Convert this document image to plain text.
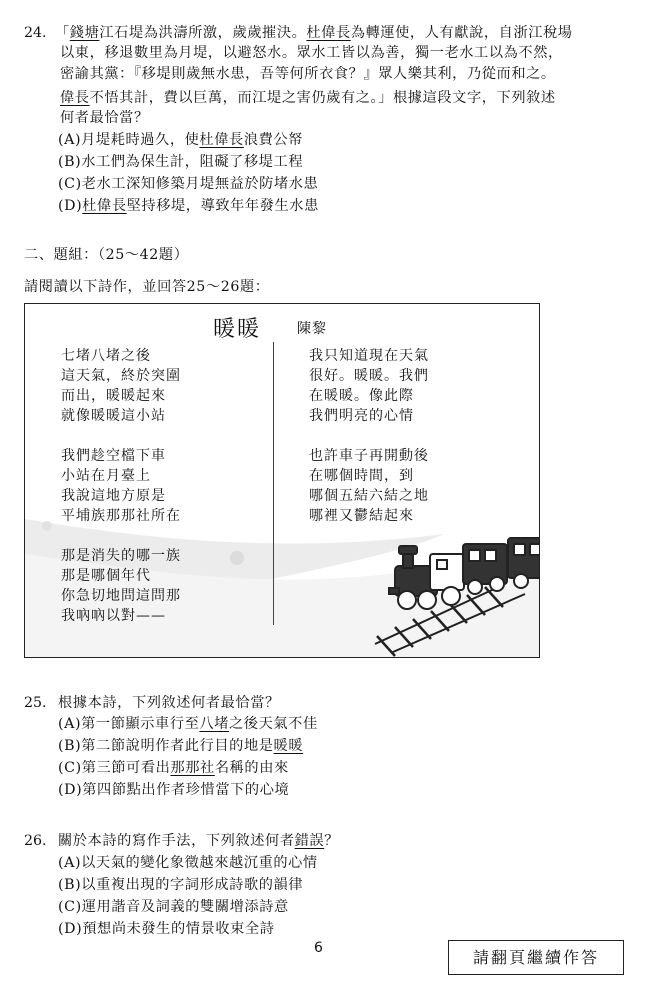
24. 「錢塘江石堤為洪濤所激，歲歲摧決。杜偉長為轉運使，人有獻說，自浙江稅場
以東，移退數里為月堤，以避怒水。眾水工皆以為善，獨一老水工以為不然，
密諭其黨：『移堤則歲無水患，吾等何所衣食？』眾人樂其利，乃從而和之。
偉長不悟其計，費以巨萬，而江堤之害仍歲有之。」根據這段文字，下列敘述
何者最恰當？
(A)月堤耗時過久，使杜偉長浪費公帑
(B)水工們為保生計，阻礙了移堤工程
(C)老水工深知修築月堤無益於防堵水患
(D)杜偉長堅持移堤，導致年年發生水患
二、題組：（25～42題）
請閱讀以下詩作，並回答25～26題：
暖暖	陳黎
七堵八堵之後
這天氣，終於突圍
而出，暖暖起來
就像暖暖這小站
我們趁空檔下車
小站在月臺上
我說這地方原是
平埔族那那社所在
那是消失的哪一族
那是哪個年代
你急切地問這問那
我吶吶以對——
我只知道現在天氣
很好。暖暖。我們
在暖暖。像此際
我們明亮的心情
也許車子再開動後
在哪個時間，到
哪個五結六結之地
哪裡又鬱結起來
25. 根據本詩，下列敘述何者最恰當？
(A)第一節顯示車行至八堵之後天氣不佳
(B)第二節說明作者此行目的地是暖暖
(C)第三節可看出那那社名稱的由來
(D)第四節點出作者珍惜當下的心境
26. 關於本詩的寫作手法，下列敘述何者錯誤？
(A)以天氣的變化象徵越來越沉重的心情
(B)以重複出現的字詞形成詩歌的韻律
(C)運用諧音及詞義的雙關增添詩意
(D)預想尚未發生的情景收束全詩
6	請翻頁繼續作答
